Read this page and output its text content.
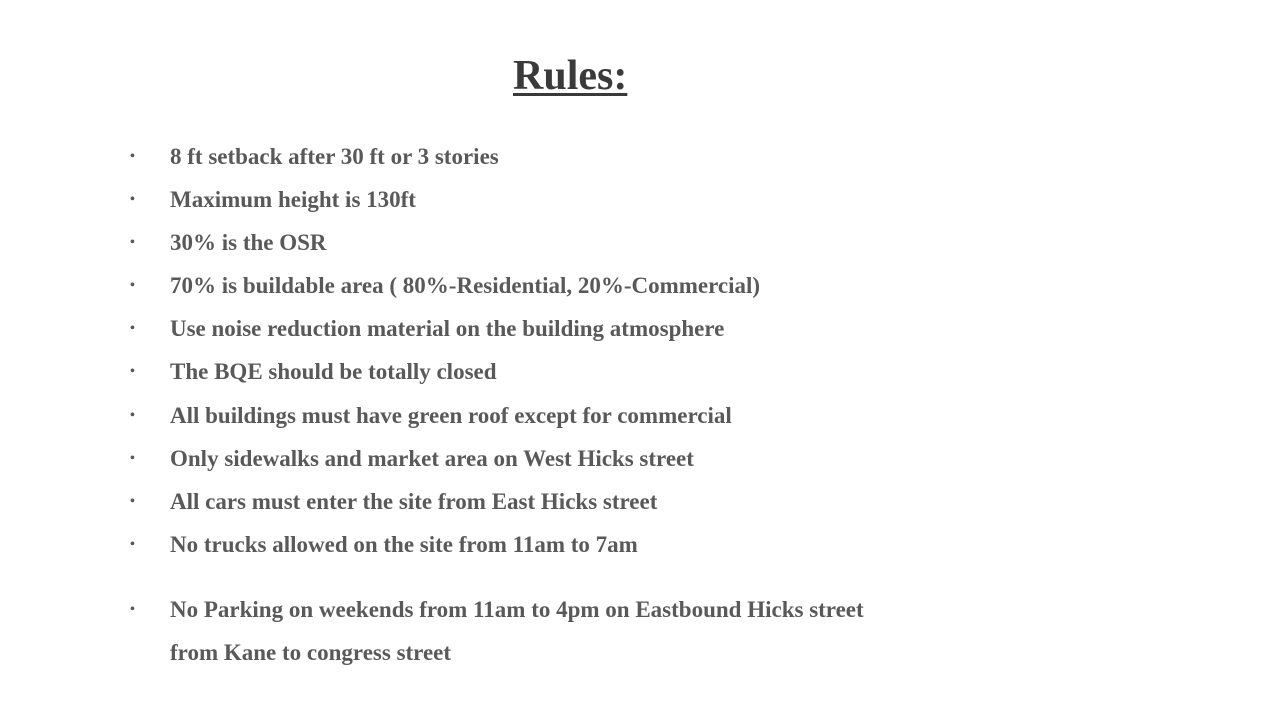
Rules:
•	8 ft setback after 30 ft or 3 stories
•	Maximum height is 130ft
•	30% is the OSR
•	70% is buildable area ( 80%-Residential, 20%-Commercial)
•	Use noise reduction material on the building atmosphere
•	The BQE should be totally closed
•	All buildings must have green roof except for commercial
•	Only sidewalks and market area on West Hicks street
•	All cars must enter the site from East Hicks street
•	No trucks allowed on the site from 11am to 7am
•	No Parking on weekends from 11am to 4pm on Eastbound Hicks street
from Kane to congress street
